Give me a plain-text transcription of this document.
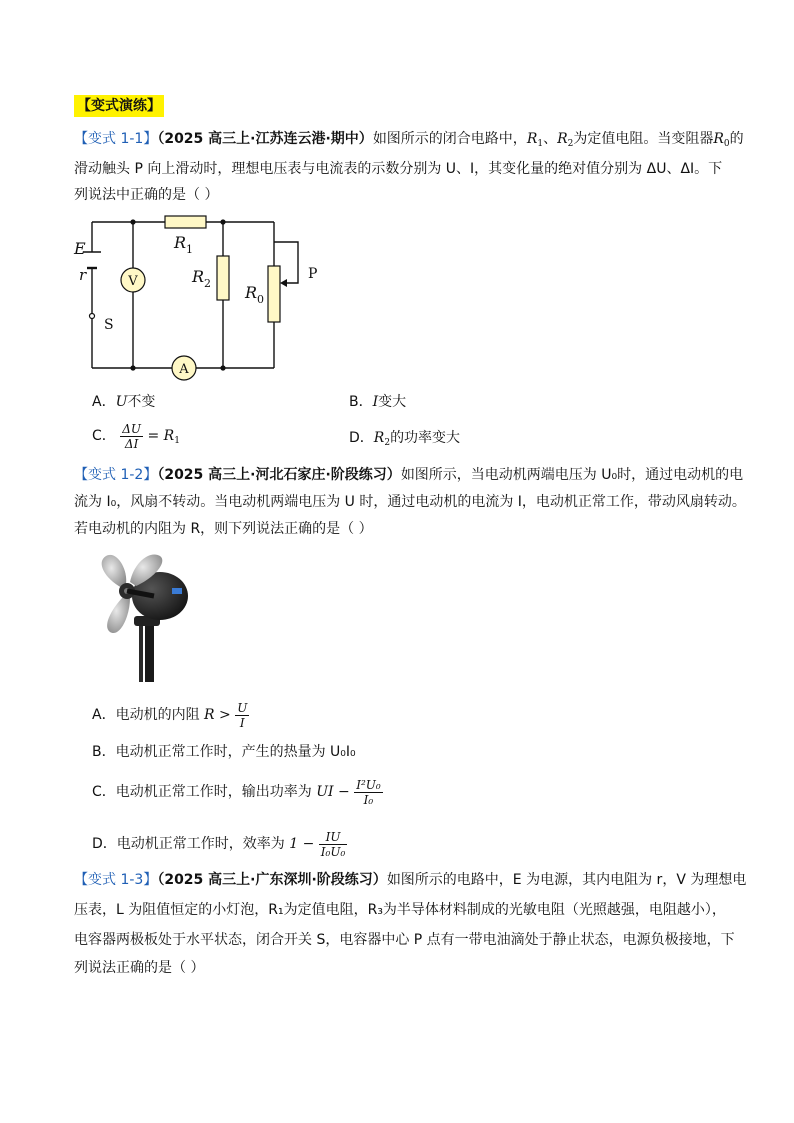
【变式演练】
【变式 1-1】（2025 高三上·江苏连云港·期中）如图所示的闭合电路中，$R_1$、$R_2$为定值电阻。当变阻器$R_0$的
滑动触头 P 向上滑动时，理想电压表与电流表的示数分别为 U、I，其变化量的绝对值分别为 ΔU、ΔI。下
列说法中正确的是（ ）
V
A
E
r
S
$R_1$
$R_2$ $R_0$
P
A．U不变	B．I变大
C． $\frac{\Delta U}{\Delta I} = R_1$	D．$R_2$的功率变大
【变式 1-2】（2025 高三上·河北石家庄·阶段练习）如图所示，当电动机两端电压为 U₀时，通过电动机的电
流为 I₀，风扇不转动。当电动机两端电压为 U 时，通过电动机的电流为 I，电动机正常工作，带动风扇转动。
若电动机的内阻为 R，则下列说法正确的是（ ）
A．电动机的内阻 $R > \frac{U}{I}$
B．电动机正常工作时，产生的热量为 U₀I₀
C．电动机正常工作时，输出功率为 UI − $\frac{\text{I²U₀}}{\text{I₀}}$
D．电动机正常工作时，效率为 $1 - \frac{IU}{\text{I₀U₀}}$
【变式 1-3】（2025 高三上·广东深圳·阶段练习）如图所示的电路中，E 为电源，其内电阻为 r，V 为理想电
压表，L 为阻值恒定的小灯泡，R₁为定值电阻，R₃为半导体材料制成的光敏电阻（光照越强，电阻越小），
电容器两极板处于水平状态，闭合开关 S，电容器中心 P 点有一带电油滴处于静止状态，电源负极接地，下
列说法正确的是（ ）
